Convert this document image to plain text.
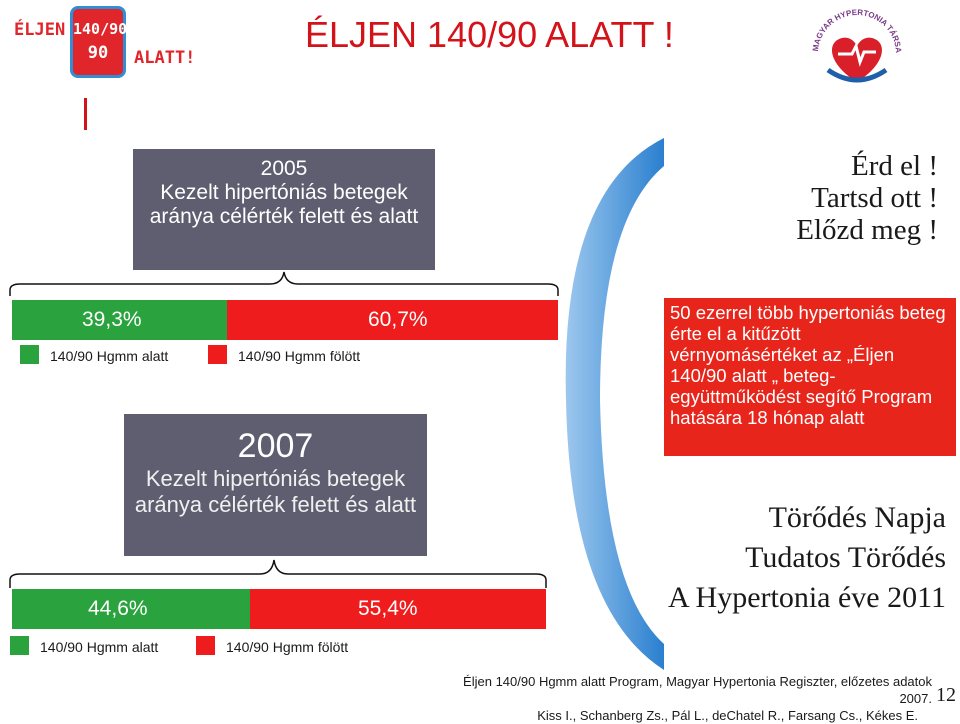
ÉLJEN 140/90
90	ALATT!
ÉLJEN 140/90 ALATT !	MAGYAR HYPERTONIA TÁRSA
2005
Kezelt hipertóniás betegek aránya célérték felett és alatt
39,3%	60,7%
140/90 Hgmm alatt	140/90 Hgmm fölött
2007
Kezelt hipertóniás betegek aránya célérték felett és alatt
44,6%	55,4%
140/90 Hgmm alatt	140/90 Hgmm fölött
Érd el !
Tartsd ott !
Előzd meg !
50 ezerrel több hypertoniás beteg érte el a kitűzött vérnyomásértéket az „Éljen 140/90 alatt „ beteg-együttműködést segítő Program hatására 18 hónap alatt
Törődés Napja
Tudatos Törődés
A Hypertonia éve 2011
Éljen 140/90 Hgmm alatt Program, Magyar Hypertonia Regiszter, előzetes adatok 2007.
Kiss I., Schanberg Zs., Pál L., deChatel R., Farsang Cs., Kékes E.
12
